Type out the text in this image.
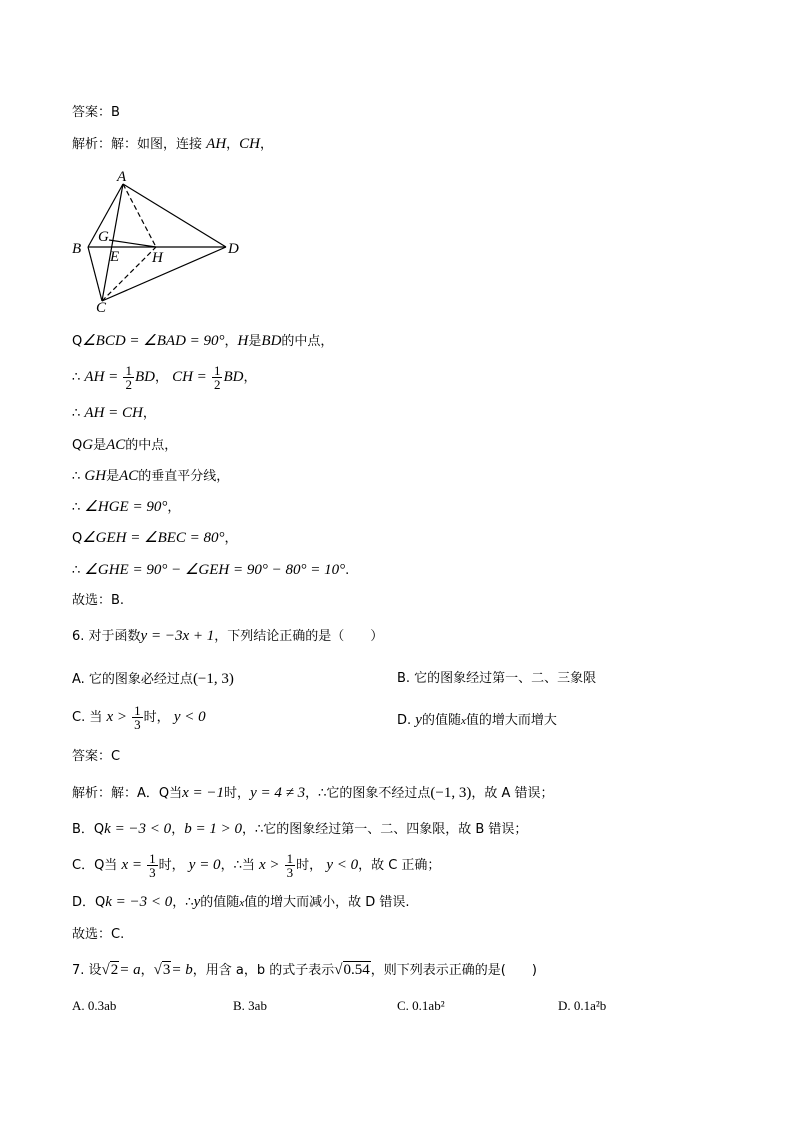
答案：B
解析：解：如图，连接 AH，CH，
A
B
C
D
G
E H
Q∠BCD = ∠BAD = 90°，H是BD的中点，
∴ AH = $\frac{1}{2}$ BD， CH = $\frac{1}{2}$ BD，
∴ AH = CH，
QG是AC的中点，
∴ GH是AC的垂直平分线，
∴ ∠HGE = 90°，
Q∠GEH = ∠BEC = 80°，
∴ ∠GHE = 90° − ∠GEH = 90° − 80° = 10°.
故选：B.
6. 对于函数y = −3x + 1，下列结论正确的是（　　）
A. 它的图象必经过点(−1, 3)	B. 它的图象经过第一、二、三象限
C. 当 $x > \frac{1}{3}$ 时， y < 0	D. y的值随x值的增大而增大
答案：C
解析：解：A．Q当x = −1时，y = 4 ≠ 3，∴它的图象不经过点(−1, 3)，故 A 错误；
B．Qk = −3 < 0，b = 1 > 0，∴它的图象经过第一、二、四象限，故 B 错误；
C．Q当 $x = \frac{1}{3}$ 时， y = 0，∴当 $x > \frac{1}{3}$ 时， y < 0，故 C 正确；
D．Qk = −3 < 0，∴y的值随x值的增大而减小，故 D 错误.
故选：C.
7. 设√2= a，√3= b，用含 a，b 的式子表示√0.54，则下列表示正确的是(　　)
A. 0.3ab	B. 3ab	C. 0.1ab²	D. 0.1a²b
